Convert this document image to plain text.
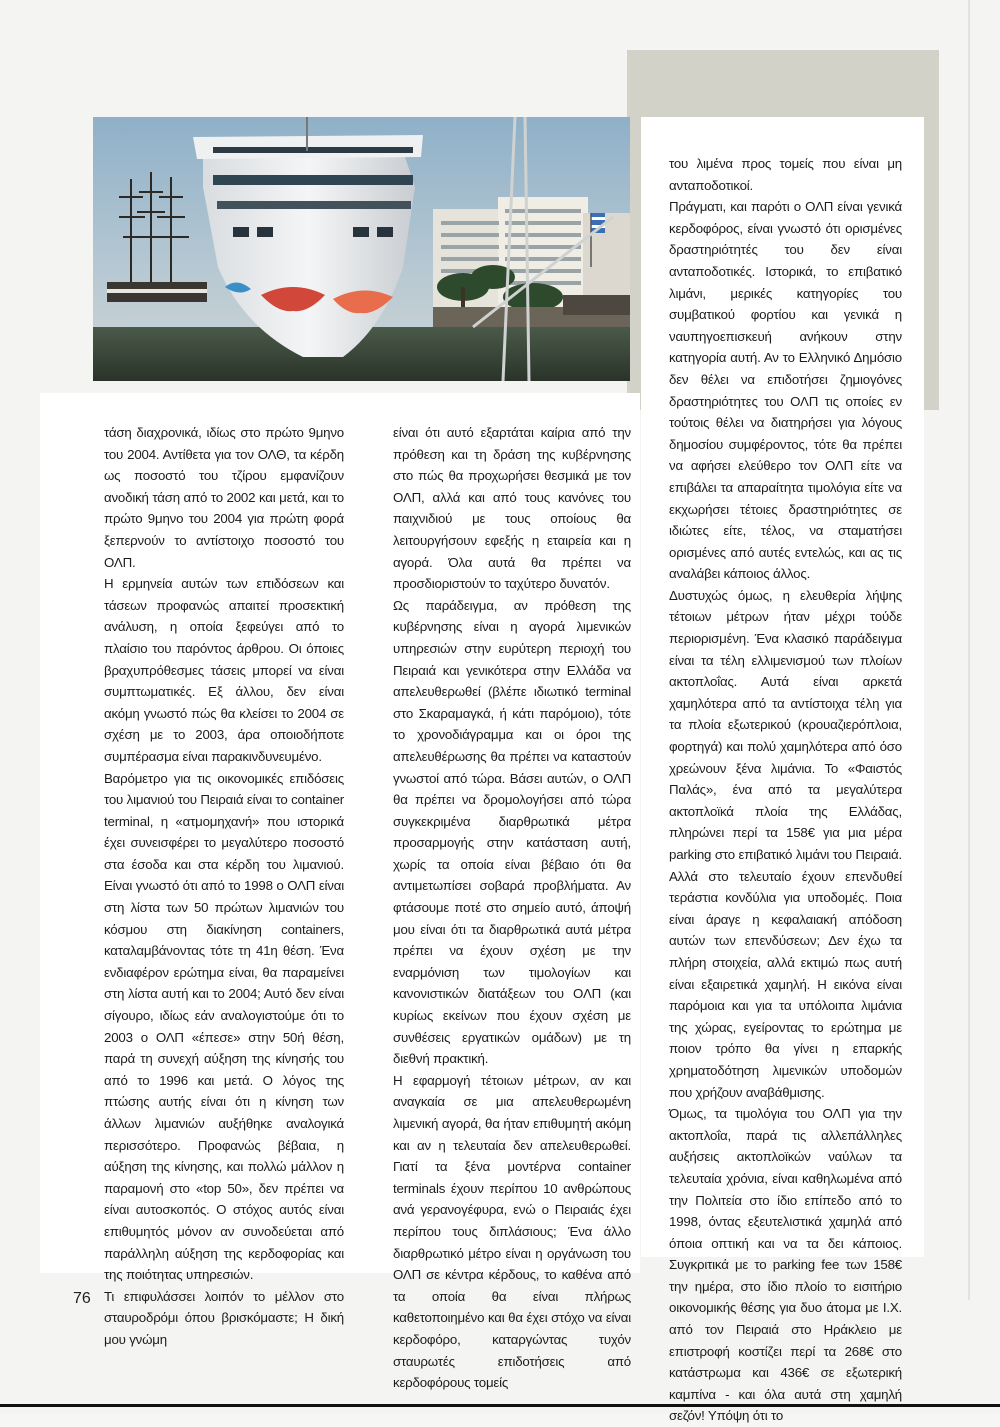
τάση διαχρονικά, ιδίως στο πρώτο 9μηνο του 2004. Αντίθετα για τον ΟΛΘ, τα κέρδη ως ποσοστό του τζίρου εμφανίζουν ανοδική τάση από το 2002 και μετά, και το πρώτο 9μηνο του 2004 για πρώτη φορά ξεπερνούν το αντίστοιχο ποσοστό του ΟΛΠ.

Η ερμηνεία αυτών των επιδόσεων και τάσεων προφανώς απαιτεί προσεκτική ανάλυση, η οποία ξεφεύγει από το πλαίσιο του παρόντος άρθρου. Οι όποιες βραχυπρόθεσμες τάσεις μπορεί να είναι συμπτωματικές. Εξ άλλου, δεν είναι ακόμη γνωστό πώς θα κλείσει το 2004 σε σχέση με το 2003, άρα οποιοδήποτε συμπέρασμα είναι παρακινδυνευμένο.

Βαρόμετρο για τις οικονομικές επιδόσεις του λιμανιού του Πειραιά είναι το container terminal, η «ατμομηχανή» που ιστορικά έχει συνεισφέρει το μεγαλύτερο ποσοστό στα έσοδα και στα κέρδη του λιμανιού. Είναι γνωστό ότι από το 1998 ο ΟΛΠ είναι στη λίστα των 50 πρώτων λιμανιών του κόσμου στη διακίνηση containers, καταλαμβάνοντας τότε τη 41η θέση. Ένα ενδιαφέρον ερώτημα είναι, θα παραμείνει στη λίστα αυτή και το 2004; Αυτό δεν είναι σίγουρο, ιδίως εάν αναλογιστούμε ότι το 2003 ο ΟΛΠ «έπεσε» στην 50ή θέση, παρά τη συνεχή αύξηση της κίνησής του από το 1996 και μετά. Ο λόγος της πτώσης αυτής είναι ότι η κίνηση των άλλων λιμανιών αυξήθηκε αναλογικά περισσότερο. Προφανώς βέβαια, η αύξηση της κίνησης, και πολλώ μάλλον η παραμονή στο «top 50», δεν πρέπει να είναι αυτοσκοπός. Ο στόχος αυτός είναι επιθυμητός μόνον αν συνοδεύεται από παράλληλη αύξηση της κερδοφορίας και της ποιότητας υπηρεσιών.

Τι επιφυλάσσει λοιπόν το μέλλον στο σταυροδρόμι όπου βρισκόμαστε; Η δική μου γνώμη

είναι ότι αυτό εξαρτάται καίρια από την πρόθεση και τη δράση της κυβέρνησης στο πώς θα προχωρήσει θεσμικά με τον ΟΛΠ, αλλά και από τους κανόνες του παιχνιδιού με τους οποίους θα λειτουργήσουν εφεξής η εταιρεία και η αγορά. Όλα αυτά θα πρέπει να προσδιοριστούν το ταχύτερο δυνατόν.

Ως παράδειγμα, αν πρόθεση της κυβέρνησης είναι η αγορά λιμενικών υπηρεσιών στην ευρύτερη περιοχή του Πειραιά και γενικότερα στην Ελλάδα να απελευθερωθεί (βλέπε ιδιωτικό terminal στο Σκαραμαγκά, ή κάτι παρόμοιο), τότε το χρονοδιάγραμμα και οι όροι της απελευθέρωσης θα πρέπει να καταστούν γνωστοί από τώρα. Βάσει αυτών, ο ΟΛΠ θα πρέπει να δρομολογήσει από τώρα συγκεκριμένα διαρθρωτικά μέτρα προσαρμογής στην κατάσταση αυτή, χωρίς τα οποία είναι βέβαιο ότι θα αντιμετωπίσει σοβαρά προβλήματα. Αν φτάσουμε ποτέ στο σημείο αυτό, άποψή μου είναι ότι τα διαρθρωτικά αυτά μέτρα πρέπει να έχουν σχέση με την εναρμόνιση των τιμολογίων και κανονιστικών διατάξεων του ΟΛΠ (και κυρίως εκείνων που έχουν σχέση με συνθέσεις εργατικών ομάδων) με τη διεθνή πρακτική.

Η εφαρμογή τέτοιων μέτρων, αν και αναγκαία σε μια απελευθερωμένη λιμενική αγορά, θα ήταν επιθυμητή ακόμη και αν η τελευταία δεν απελευθερωθεί. Γιατί τα ξένα μοντέρνα container terminals έχουν περίπου 10 ανθρώπους ανά γερανογέφυρα, ενώ ο Πειραιάς έχει περίπου τους διπλάσιους; Ένα άλλο διαρθρωτικό μέτρο είναι η οργάνωση του ΟΛΠ σε κέντρα κέρδους, το καθένα από τα οποία θα είναι πλήρως καθετοποιημένο και θα έχει στόχο να είναι κερδοφόρο, καταργώντας τυχόν σταυρωτές επιδοτήσεις από κερδοφόρους τομείς

του λιμένα προς τομείς που είναι μη ανταποδοτικοί.

Πράγματι, και παρότι ο ΟΛΠ είναι γενικά κερδοφόρος, είναι γνωστό ότι ορισμένες δραστηριότητές του δεν είναι ανταποδοτικές. Ιστορικά, το επιβατικό λιμάνι, μερικές κατηγορίες του συμβατικού φορτίου και γενικά η ναυπηγοεπισκευή ανήκουν στην κατηγορία αυτή. Αν το Ελληνικό Δημόσιο δεν θέλει να επιδοτήσει ζημιογόνες δραστηριότητες του ΟΛΠ τις οποίες εν τούτοις θέλει να διατηρήσει για λόγους δημοσίου συμφέροντος, τότε θα πρέπει να αφήσει ελεύθερο τον ΟΛΠ είτε να επιβάλει τα απαραίτητα τιμολόγια είτε να εκχωρήσει τέτοιες δραστηριότητες σε ιδιώτες είτε, τέλος, να σταματήσει ορισμένες από αυτές εντελώς, και ας τις αναλάβει κάποιος άλλος.

Δυστυχώς όμως, η ελευθερία λήψης τέτοιων μέτρων ήταν μέχρι τούδε περιορισμένη. Ένα κλασικό παράδειγμα είναι τα τέλη ελλιμενισμού των πλοίων ακτοπλοΐας. Αυτά είναι αρκετά χαμηλότερα από τα αντίστοιχα τέλη για τα πλοία εξωτερικού (κρουαζιερόπλοια, φορτηγά) και πολύ χαμηλότερα από όσο χρεώνουν ξένα λιμάνια. Το «Φαιστός Παλάς», ένα από τα μεγαλύτερα ακτοπλοϊκά πλοία της Ελλάδας, πληρώνει περί τα 158€ για μια μέρα parking στο επιβατικό λιμάνι του Πειραιά. Αλλά στο τελευταίο έχουν επενδυθεί τεράστια κονδύλια για υποδομές. Ποια είναι άραγε η κεφαλαιακή απόδοση αυτών των επενδύσεων; Δεν έχω τα πλήρη στοιχεία, αλλά εκτιμώ πως αυτή είναι εξαιρετικά χαμηλή. Η εικόνα είναι παρόμοια και για τα υπόλοιπα λιμάνια της χώρας, εγείροντας το ερώτημα με ποιον τρόπο θα γίνει η επαρκής χρηματοδότηση λιμενικών υποδομών που χρήζουν αναβάθμισης.

Όμως, τα τιμολόγια του ΟΛΠ για την ακτοπλοΐα, παρά τις αλλεπάλληλες αυξήσεις ακτοπλοϊκών ναύλων τα τελευταία χρόνια, είναι καθηλωμένα από την Πολιτεία στο ίδιο επίπεδο από το 1998, όντας εξευτελιστικά χαμηλά από όποια οπτική και να τα δει κάποιος. Συγκριτικά με το parking fee των 158€ την ημέρα, στο ίδιο πλοίο το εισιτήριο οικονομικής θέσης για δυο άτομα με Ι.Χ. από τον Πειραιά στο Ηράκλειο με επιστροφή κοστίζει περί τα 268€ στο κατάστρωμα και 436€ σε εξωτερική καμπίνα - και όλα αυτά στη χαμηλή σεζόν! Υπόψη ότι το

76
